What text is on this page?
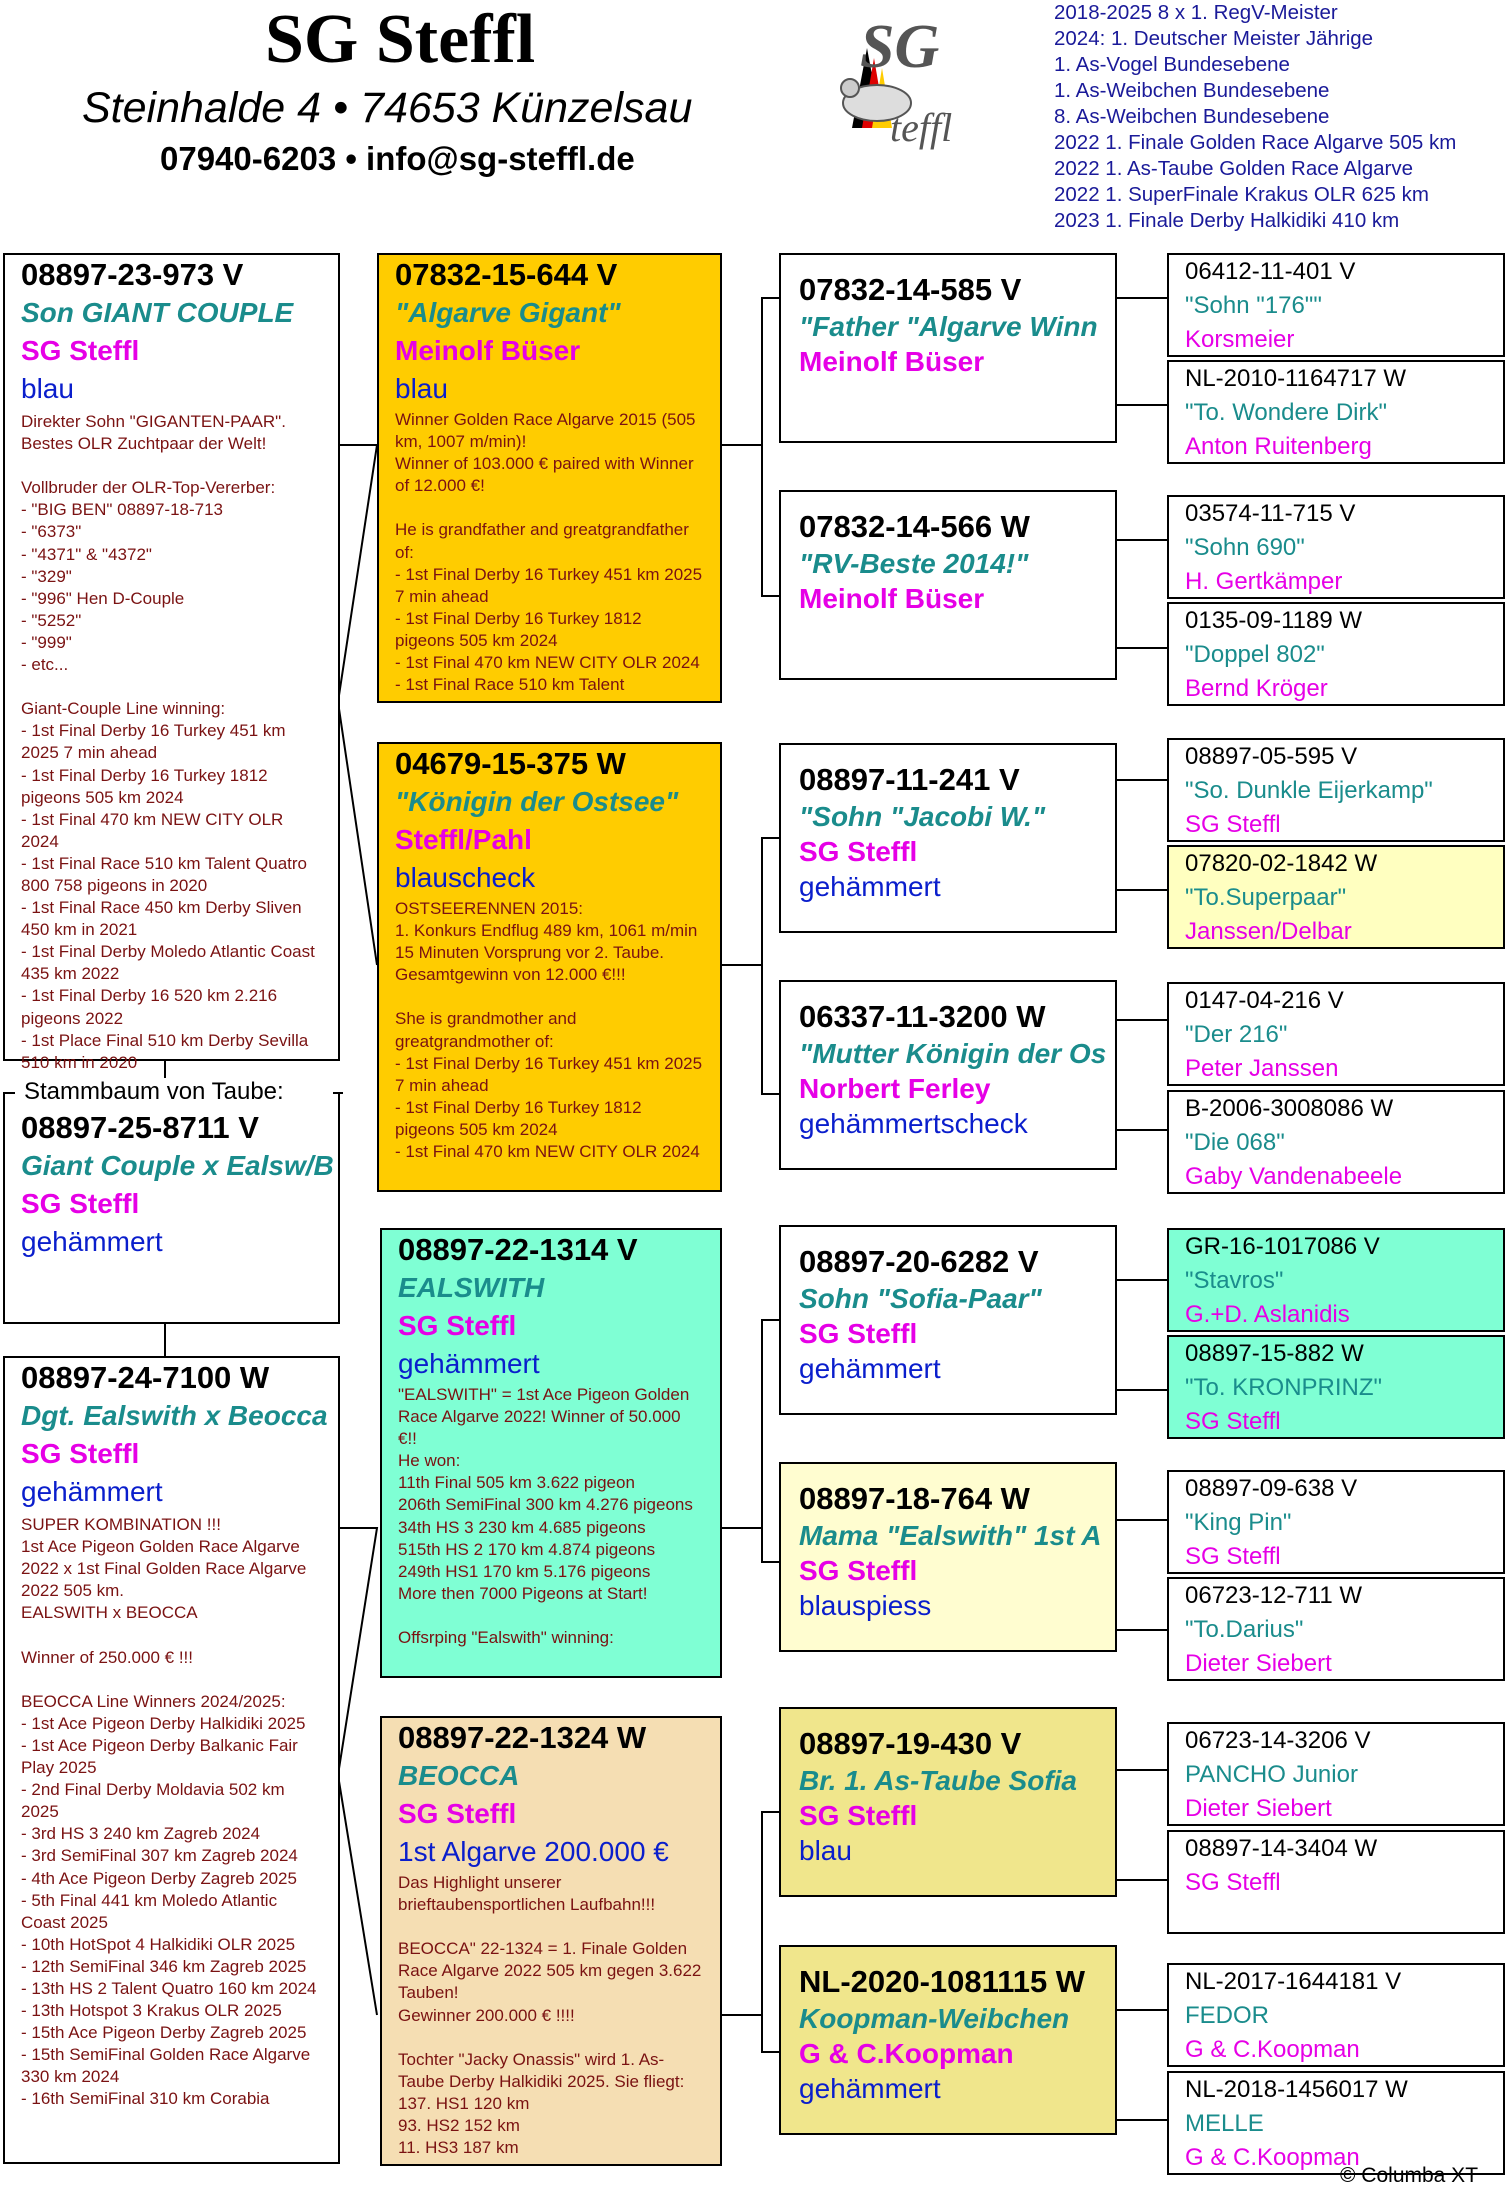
SG Steffl
Steinhalde 4 • 74653 Künzelsau
07940-6203 • info@sg-steffl.de
SG
teffl
2018-2025 8 x 1. RegV-Meister
2024: 1. Deutscher Meister Jährige
1. As-Vogel Bundesebene
1. As-Weibchen Bundesebene
8. As-Weibchen Bundesebene
2022 1. Finale Golden Race Algarve 505 km
2022 1. As-Taube Golden Race Algarve
2022 1. SuperFinale Krakus OLR 625 km
2023 1. Finale Derby Halkidiki 410 km
08897-23-973 V
Son GIANT COUPLE
SG Steffl
blau
Direkter Sohn "GIGANTEN-PAAR". Bestes OLR Zuchtpaar der Welt!

Vollbruder der OLR-Top-Vererber:
- "BIG BEN" 08897-18-713
- "6373"
- "4371" & "4372"
- "329"
- "996" Hen D-Couple
- "5252"
- "999"
- etc...

Giant-Couple Line winning:
- 1st Final Derby 16 Turkey 451 km 2025 7 min ahead
- 1st Final Derby 16 Turkey 1812 pigeons 505 km 2024
- 1st Final 470 km NEW CITY OLR 2024
- 1st Final Race 510 km Talent Quatro 800 758 pigeons in 2020
- 1st Final Race 450 km Derby Sliven 450 km in 2021
- 1st Final Derby Moledo Atlantic Coast 435 km 2022
- 1st Final Derby 16 520 km 2.216 pigeons 2022
- 1st Place Final 510 km Derby Sevilla 510 km in 2020
Stammbaum von Taube:
08897-25-8711 V
Giant Couple x Ealsw/B
SG Steffl
gehämmert
08897-24-7100 W
Dgt. Ealswith x Beocca
SG Steffl
gehämmert
SUPER KOMBINATION !!!
1st Ace Pigeon Golden Race Algarve 2022 x 1st Final Golden Race Algarve 2022 505 km.
EALSWITH x BEOCCA

Winner of 250.000 € !!!

BEOCCA Line Winners 2024/2025:
- 1st Ace Pigeon Derby Halkidiki 2025
- 1st Ace Pigeon Derby Balkanic Fair Play 2025
- 2nd Final Derby Moldavia 502 km 2025
- 3rd HS 3 240 km Zagreb 2024
- 3rd SemiFinal 307 km Zagreb 2024
- 4th Ace Pigeon Derby Zagreb 2025
- 5th Final 441 km Moledo Atlantic Coast 2025
- 10th HotSpot 4 Halkidiki OLR 2025
- 12th SemiFinal 346 km Zagreb 2025
- 13th HS 2 Talent Quatro 160 km 2024
- 13th Hotspot 3 Krakus OLR 2025
- 15th Ace Pigeon Derby Zagreb 2025
- 15th SemiFinal Golden Race Algarve 330 km 2024
- 16th SemiFinal 310 km Corabia
07832-15-644 V
"Algarve Gigant"
Meinolf Büser
blau
Winner Golden Race Algarve 2015 (505 km, 1007 m/min)!
Winner of 103.000 € paired with Winner of 12.000 €!

He is grandfather and greatgrandfather of:
- 1st Final Derby 16 Turkey 451 km 2025 7 min ahead
- 1st Final Derby 16 Turkey 1812 pigeons 505 km 2024
- 1st Final 470 km NEW CITY OLR 2024
- 1st Final Race 510 km Talent
04679-15-375 W
"Königin der Ostsee"
Steffl/Pahl
blauscheck
OSTSEERENNEN 2015:
1. Konkurs Endflug 489 km, 1061 m/min 15 Minuten Vorsprung vor 2. Taube. Gesamtgewinn von 12.000 €!!!

She is grandmother and greatgrandmother of:
- 1st Final Derby 16 Turkey 451 km 2025 7 min ahead
- 1st Final Derby 16 Turkey 1812 pigeons 505 km 2024
- 1st Final 470 km NEW CITY OLR 2024
08897-22-1314 V
EALSWITH
SG Steffl
gehämmert
"EALSWITH" = 1st Ace Pigeon Golden Race Algarve 2022! Winner of 50.000 €!!
He won:
11th Final 505 km 3.622 pigeon
206th SemiFinal 300 km 4.276 pigeons
34th HS 3 230 km 4.685 pigeons
515th HS 2 170 km 4.874 pigeons
249th HS1 170 km 5.176 pigeons
More then 7000 Pigeons at Start!

Offsrping "Ealswith" winning:
08897-22-1324 W
BEOCCA
SG Steffl
1st Algarve 200.000 €
Das Highlight unserer brieftaubensportlichen Laufbahn!!!

BEOCCA" 22-1324 = 1. Finale Golden Race Algarve 2022 505 km gegen 3.622 Tauben!
Gewinner 200.000 € !!!!

Tochter "Jacky Onassis" wird 1. As-Taube Derby Halkidiki 2025. Sie fliegt:
137. HS1 120 km
93. HS2 152 km
11. HS3 187 km
07832-14-585 V
"Father "Algarve Winn
Meinolf Büser
07832-14-566 W
"RV-Beste 2014!"
Meinolf Büser
08897-11-241 V
"Sohn "Jacobi W."
SG Steffl
gehämmert
06337-11-3200 W
"Mutter Königin der Os
Norbert Ferley
gehämmertscheck
08897-20-6282 V
Sohn "Sofia-Paar"
SG Steffl
gehämmert
08897-18-764 W
Mama "Ealswith" 1st A
SG Steffl
blauspiess
08897-19-430 V
Br. 1. As-Taube Sofia
SG Steffl
blau
NL-2020-1081115 W
Koopman-Weibchen
G & C.Koopman
gehämmert
06412-11-401 V
"Sohn "176""
Korsmeier
NL-2010-1164717 W
"To. Wondere Dirk"
Anton Ruitenberg
03574-11-715 V
"Sohn 690"
H. Gertkämper
0135-09-1189 W
"Doppel 802"
Bernd Kröger
08897-05-595 V
"So. Dunkle Eijerkamp"
SG Steffl
07820-02-1842 W
"To.Superpaar"
Janssen/Delbar
0147-04-216 V
"Der 216"
Peter Janssen
B-2006-3008086 W
"Die 068"
Gaby Vandenabeele
GR-16-1017086 V
"Stavros"
G.+D. Aslanidis
08897-15-882 W
"To. KRONPRINZ"
SG Steffl
08897-09-638 V
"King Pin"
SG Steffl
06723-12-711 W
"To.Darius"
Dieter Siebert
06723-14-3206 V
PANCHO Junior
Dieter Siebert
08897-14-3404 W
SG Steffl
NL-2017-1644181 V
FEDOR
G & C.Koopman
NL-2018-1456017 W
MELLE
G & C.Koopman
© Columba XT
